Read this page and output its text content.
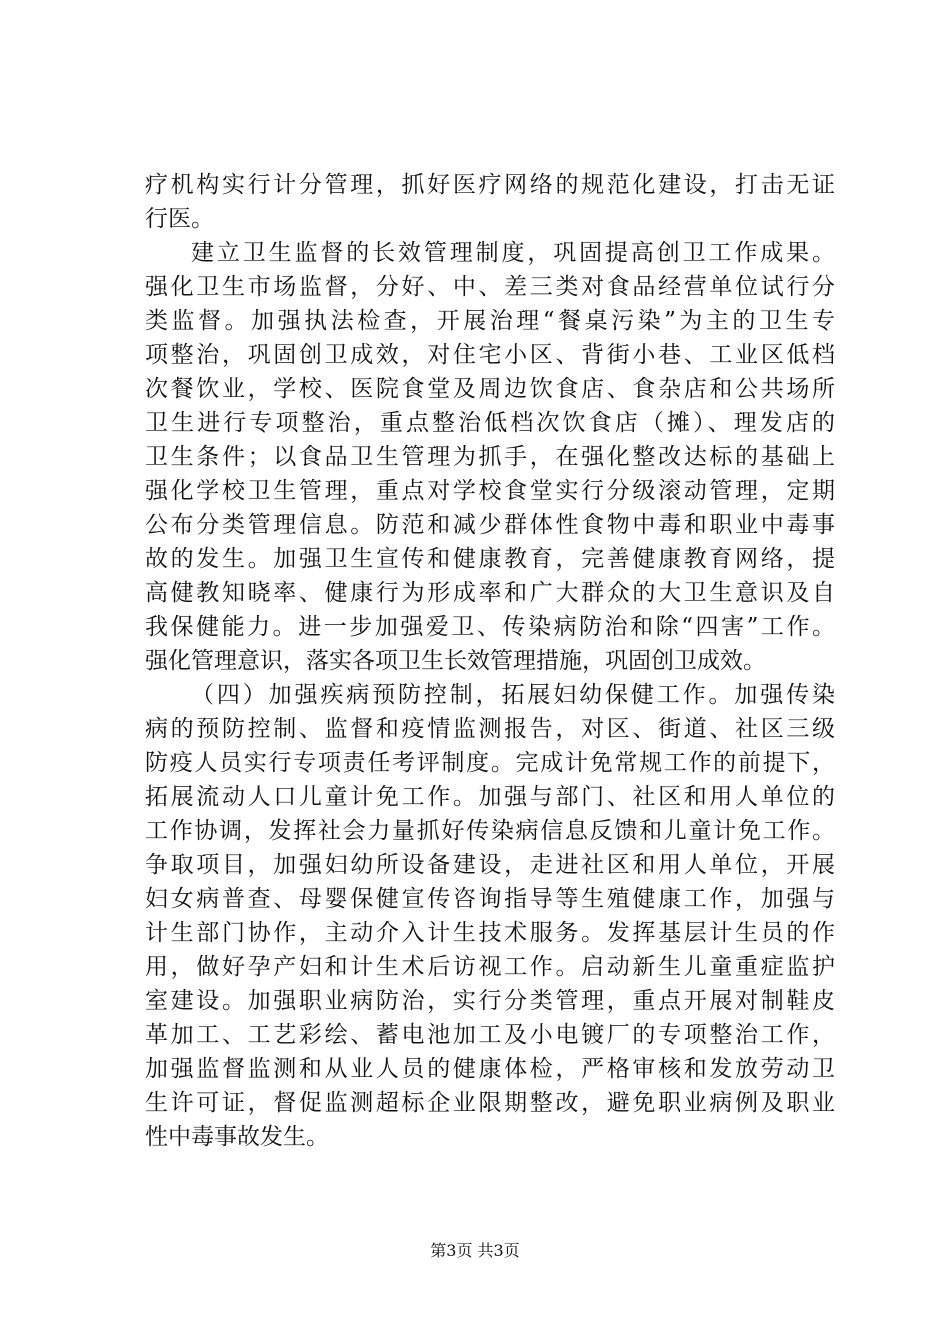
疗机构实行计分管理，抓好医疗网络的规范化建设，打击无证
行医。
建立卫生监督的长效管理制度，巩固提高创卫工作成果。
强化卫生市场监督，分好、中、差三类对食品经营单位试行分
类监督。加强执法检查，开展治理“餐桌污染”为主的卫生专
项整治，巩固创卫成效，对住宅小区、背街小巷、工业区低档
次餐饮业，学校、医院食堂及周边饮食店、食杂店和公共场所
卫生进行专项整治，重点整治低档次饮食店（摊）、理发店的
卫生条件；以食品卫生管理为抓手，在强化整改达标的基础上
强化学校卫生管理，重点对学校食堂实行分级滚动管理，定期
公布分类管理信息。防范和减少群体性食物中毒和职业中毒事
故的发生。加强卫生宣传和健康教育，完善健康教育网络，提
高健教知晓率、健康行为形成率和广大群众的大卫生意识及自
我保健能力。进一步加强爱卫、传染病防治和除“四害”工作。
强化管理意识，落实各项卫生长效管理措施，巩固创卫成效。
（四）加强疾病预防控制，拓展妇幼保健工作。加强传染
病的预防控制、监督和疫情监测报告，对区、街道、社区三级
防疫人员实行专项责任考评制度。完成计免常规工作的前提下，
拓展流动人口儿童计免工作。加强与部门、社区和用人单位的
工作协调，发挥社会力量抓好传染病信息反馈和儿童计免工作。
争取项目，加强妇幼所设备建设，走进社区和用人单位，开展
妇女病普查、母婴保健宣传咨询指导等生殖健康工作，加强与
计生部门协作，主动介入计生技术服务。发挥基层计生员的作
用，做好孕产妇和计生术后访视工作。启动新生儿童重症监护
室建设。加强职业病防治，实行分类管理，重点开展对制鞋皮
革加工、工艺彩绘、蓄电池加工及小电镀厂的专项整治工作，
加强监督监测和从业人员的健康体检，严格审核和发放劳动卫
生许可证，督促监测超标企业限期整改，避免职业病例及职业
性中毒事故发生。
第3页 共3页
